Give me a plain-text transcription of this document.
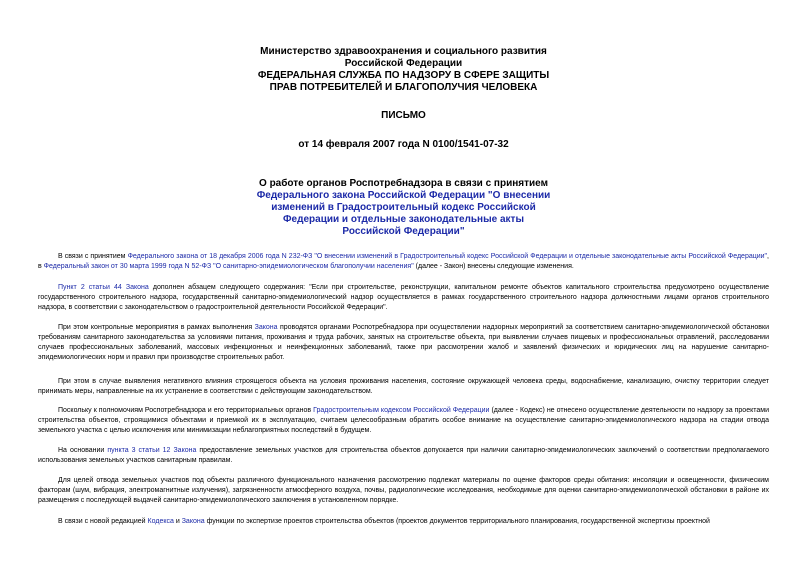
Министерство здравоохранения и социального развития
Российской Федерации
ФЕДЕРАЛЬНАЯ СЛУЖБА ПО НАДЗОРУ В СФЕРЕ ЗАЩИТЫ
ПРАВ ПОТРЕБИТЕЛЕЙ И БЛАГОПОЛУЧИЯ ЧЕЛОВЕКА
ПИСЬМО
от 14 февраля 2007 года N 0100/1541-07-32
О работе органов Роспотребнадзора в связи с принятием
Федерального закона Российской Федерации "О внесении
изменений в Градостроительный кодекс Российской
Федерации и отдельные законодательные акты
Российской Федерации"

В связи с принятием Федерального закона от 18 декабря 2006 года N 232-ФЗ "О внесении изменений в Градостроительный кодекс Российской Федерации и отдельные законодательные акты Российской Федерации", в Федеральный закон от 30 марта 1999 года N 52-ФЗ "О санитарно-эпидемиологическом благополучии населения" (далее - Закон) внесены следующие изменения.

Пункт 2 статьи 44 Закона дополнен абзацем следующего содержания: "Если при строительстве, реконструкции, капитальном ремонте объектов капитального строительства предусмотрено осуществление государственного строительного надзора, государственный санитарно-эпидемиологический надзор осуществляется в рамках государственного строительного надзора должностными лицами органов строительного надзора, в соответствии с законодательством о градостроительной деятельности Российской Федерации".

При этом контрольные мероприятия в рамках выполнения Закона проводятся органами Роспотребнадзора при осуществлении надзорных мероприятий за соответствием санитарно-эпидемиологической обстановки требованиям санитарного законодательства за условиями питания, проживания и труда рабочих, занятых на строительстве объекта, при выявлении случаев пищевых и профессиональных отравлений, расследовании случаев профессиональных заболеваний, массовых инфекционных и неинфекционных заболеваний, также при рассмотрении жалоб и заявлений физических и юридических лиц на нарушение санитарно-эпидемиологических норм и правил при производстве строительных работ.

При этом в случае выявления негативного влияния строящегося объекта на условия проживания населения, состояние окружающей человека среды, водоснабжение, канализацию, очистку территории следует принимать меры, направленные на их устранение в соответствии с действующим законодательством.

Поскольку к полномочиям Роспотребнадзора и его территориальных органов Градостроительным кодексом Российской Федерации (далее - Кодекс) не отнесено осуществление деятельности по надзору за проектами строительства объектов, строящимися объектами и приемкой их в эксплуатацию, считаем целесообразным обратить особое внимание на осуществление санитарно-эпидемиологического надзора на стадии отвода земельного участка с целью исключения или минимизации неблагоприятных последствий в будущем.

На основании пункта 3 статьи 12 Закона предоставление земельных участков для строительства объектов допускается при наличии санитарно-эпидемиологических заключений о соответствии предполагаемого использования земельных участков санитарным правилам.

Для целей отвода земельных участков под объекты различного функционального назначения рассмотрению подлежат материалы по оценке факторов среды обитания: инсоляции и освещенности, физическим факторам (шум, вибрация, электромагнитные излучения), загрязненности атмосферного воздуха, почвы, радиологические исследования, необходимые для оценки санитарно-эпидемиологической обстановки в районе их размещения с последующей выдачей санитарно-эпидемиологического заключения в установленном порядке.

В связи с новой редакцией Кодекса и Закона функции по экспертизе проектов строительства объектов (проектов документов территориального планирования, государственной экспертизы проектной
